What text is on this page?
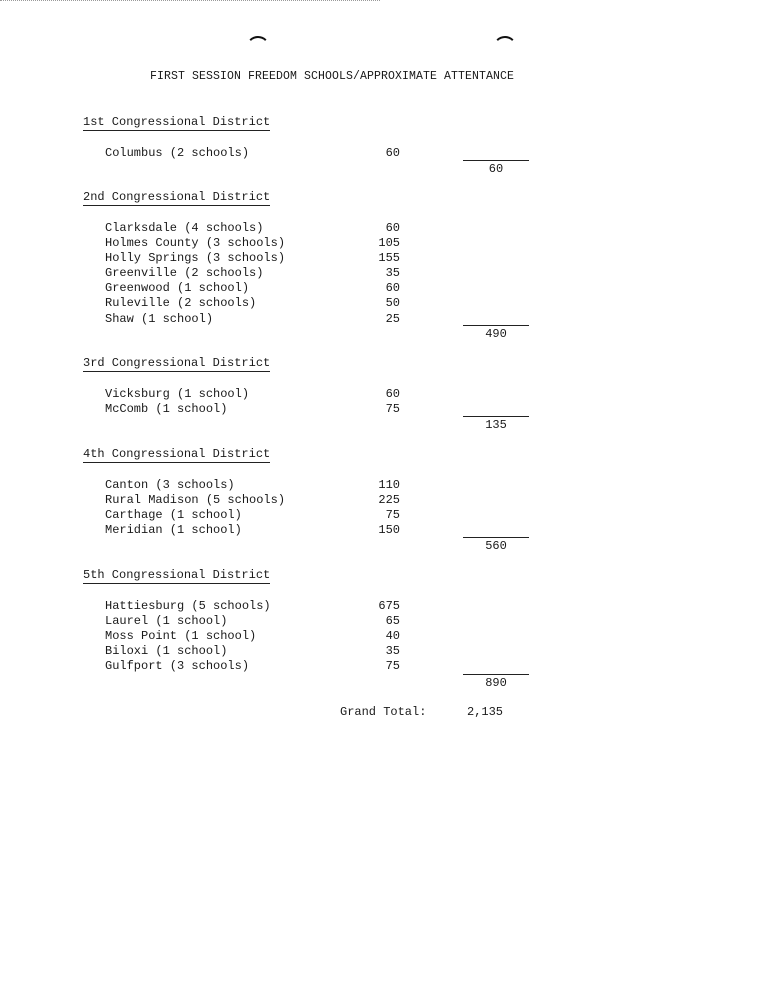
FIRST SESSION FREEDOM SCHOOLS/APPROXIMATE ATTENTANCE
1st Congressional District
Columbus (2 schools)	60
60
2nd Congressional District
Clarksdale (4 schools)	60
Holmes County (3 schools)	105
Holly Springs (3 schools)	155
Greenville (2 schools)	35
Greenwood (1 school)	60
Ruleville (2 schools)	50
Shaw (1 school)	25
490
3rd Congressional District
Vicksburg (1 school)	60
McComb (1 school)	75
135
4th Congressional District
Canton (3 schools)	110
Rural Madison (5 schools)	225
Carthage (1 school)	75
Meridian (1 school)	150
560
5th Congressional District
Hattiesburg (5 schools)	675
Laurel (1 school)	65
Moss Point (1 school)	40
Biloxi (1 school)	35
Gulfport (3 schools)	75
890
Grand Total:	2,135
